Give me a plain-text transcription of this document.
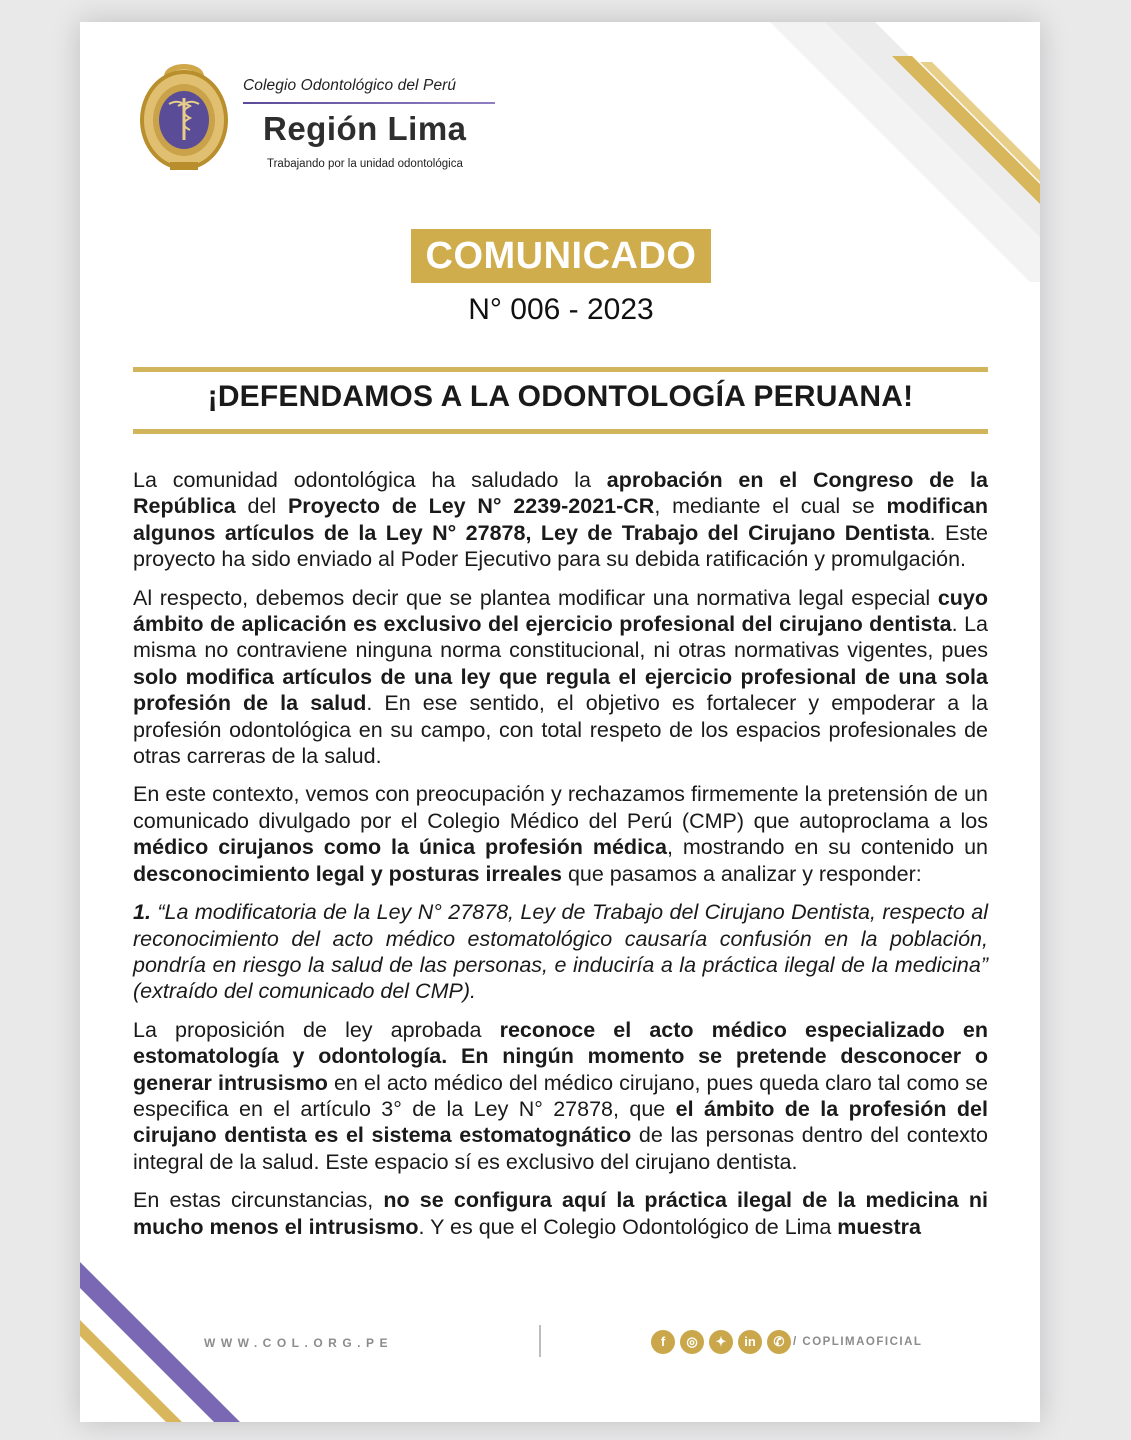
Colegio Odontológico del Perú
Región Lima
Trabajando por la unidad odontológica
COMUNICADO
N° 006 - 2023
¡DEFENDAMOS A LA ODONTOLOGÍA PERUANA!

La comunidad odontológica ha saludado la aprobación en el Congreso de la República del Proyecto de Ley N° 2239-2021-CR, mediante el cual se modifican algunos artículos de la Ley N° 27878, Ley de Trabajo del Cirujano Dentista. Este proyecto ha sido enviado al Poder Ejecutivo para su debida ratificación y promulgación.

Al respecto, debemos decir que se plantea modificar una normativa legal especial cuyo ámbito de aplicación es exclusivo del ejercicio profesional del cirujano dentista. La misma no contraviene ninguna norma constitucional, ni otras normativas vigentes, pues solo modifica artículos de una ley que regula el ejercicio profesional de una sola profesión de la salud. En ese sentido, el objetivo es fortalecer y empoderar a la profesión odontológica en su campo, con total respeto de los espacios profesionales de otras carreras de la salud.

En este contexto, vemos con preocupación y rechazamos firmemente la pretensión de un comunicado divulgado por el Colegio Médico del Perú (CMP) que autoproclama a los médico cirujanos como la única profesión médica, mostrando en su contenido un desconocimiento legal y posturas irreales que pasamos a analizar y responder:

1. “La modificatoria de la Ley N° 27878, Ley de Trabajo del Cirujano Dentista, respecto al reconocimiento del acto médico estomatológico causaría confusión en la población, pondría en riesgo la salud de las personas, e induciría a la práctica ilegal de la medicina” (extraído del comunicado del CMP).

La proposición de ley aprobada reconoce el acto médico especializado en estomatología y odontología. En ningún momento se pretende desconocer o generar intrusismo en el acto médico del médico cirujano, pues queda claro tal como se especifica en el artículo 3° de la Ley N° 27878, que el ámbito de la profesión del cirujano dentista es el sistema estomatognático de las personas dentro del contexto integral de la salud. Este espacio sí es exclusivo del cirujano dentista.

En estas circunstancias, no se configura aquí la práctica ilegal de la medicina ni mucho menos el intrusismo. Y es que el Colegio Odontológico de Lima muestra

WWW.COL.ORG.PE	f	◎	✦	in	✆ / COPLIMAOFICIAL
